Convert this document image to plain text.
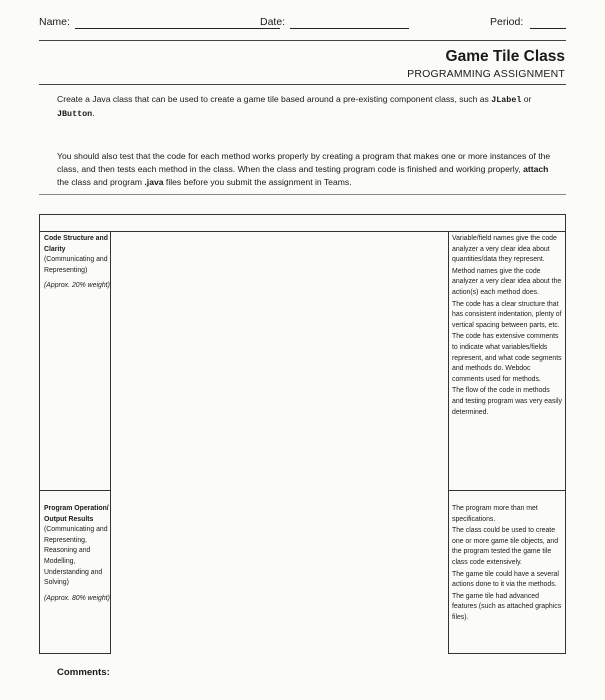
Name:	Date:	Period:
Game Tile Class
PROGRAMMING ASSIGNMENT
Create a Java class that can be used to create a game tile based around a pre-existing component class, such as JLabel or JButton.
You should also test that the code for each method works properly by creating a program that makes one or more instances of the class, and then tests each method in the class. When the class and testing program code is finished and working properly, attach the class and program .java files before you submit the assignment in Teams.
Code Structure and Clarity
(Communicating and Representing)
(Approx. 20% weight)
Variable/field names give the code analyzer a very clear idea about quantities/data they represent.
Method names give the code analyzer a very clear idea about the action(s) each method does.
The code has a clear structure that has consistent indentation, plenty of vertical spacing between parts, etc.
The code has extensive comments to indicate what variables/fields represent, and what code segments and methods do. Webdoc comments used for methods.
The flow of the code in methods and testing program was very easily determined.
Program Operation/ Output Results
(Communicating and Representing, Reasoning and Modelling, Understanding and Solving)
(Approx. 80% weight)
The program more than met specifications.
The class could be used to create one or more game tile objects, and the program tested the game tile class code extensively.
The game tile could have a several actions done to it via the methods.
The game tile had advanced features (such as attached graphics files).
Comments:
